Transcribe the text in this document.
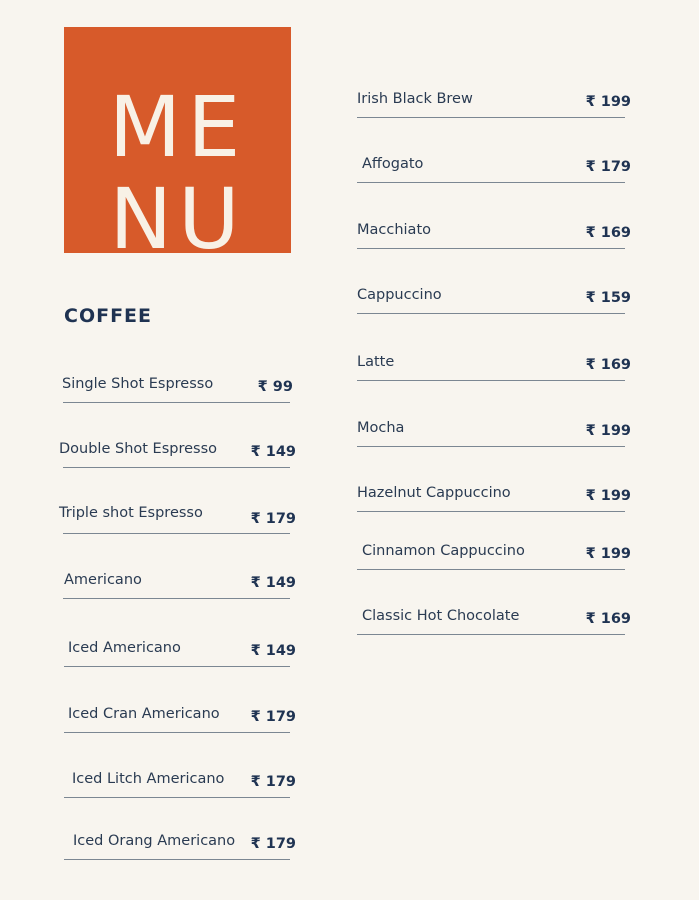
ME
NU
COFFEE
Single Shot Espresso	₹ 99
Double Shot Espresso ₹ 149
Triple shot Espresso	₹ 179
Americano	₹ 149
Iced Americano	₹ 149
Iced Cran Americano ₹ 179
Iced Litch Americano ₹ 179
Iced Orang Americano ₹ 179
Irish Black Brew	₹ 199
Affogato	₹ 179
Macchiato	₹ 169
Cappuccino	₹ 159
Latte	₹ 169
Mocha	₹ 199
Hazelnut Cappuccino	₹ 199
Cinnamon Cappuccino	₹ 199
Classic Hot Chocolate	₹ 169
